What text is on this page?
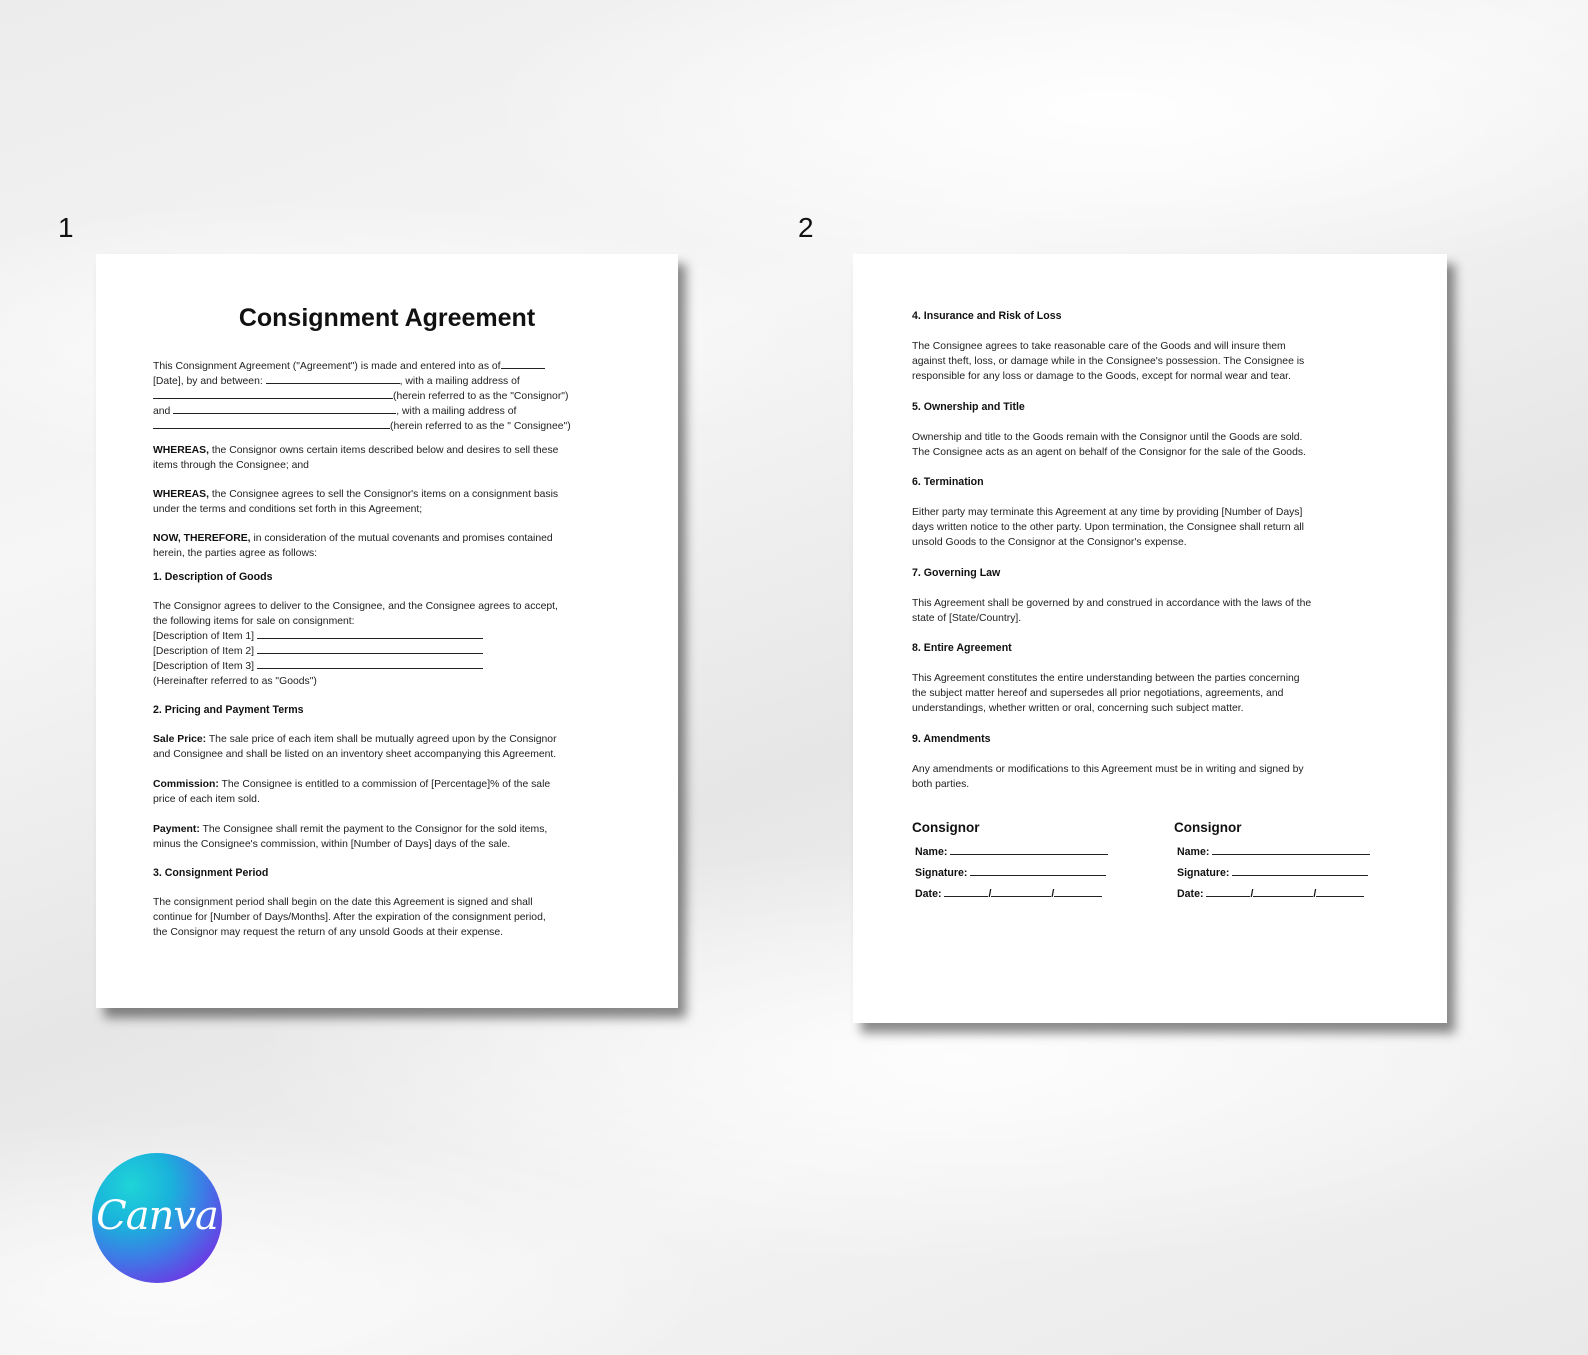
1	2
Consignment Agreement
This Consignment Agreement ("Agreement") is made and entered into as of
[Date], by and between:	, with a mailing address of
(herein referred to as the "Consignor")
and	, with a mailing address of
(herein referred to as the " Consignee")
WHEREAS, the Consignor owns certain items described below and desires to sell these
items through the Consignee; and
WHEREAS, the Consignee agrees to sell the Consignor's items on a consignment basis
under the terms and conditions set forth in this Agreement;
NOW, THEREFORE, in consideration of the mutual covenants and promises contained
herein, the parties agree as follows:
1. Description of Goods
The Consignor agrees to deliver to the Consignee, and the Consignee agrees to accept,
the following items for sale on consignment:
[Description of Item 1]
[Description of Item 2]
[Description of Item 3]
(Hereinafter referred to as "Goods")
2. Pricing and Payment Terms
Sale Price: The sale price of each item shall be mutually agreed upon by the Consignor
and Consignee and shall be listed on an inventory sheet accompanying this Agreement.
Commission: The Consignee is entitled to a commission of [Percentage]% of the sale
price of each item sold.
Payment: The Consignee shall remit the payment to the Consignor for the sold items,
minus the Consignee's commission, within [Number of Days] days of the sale.
3. Consignment Period
The consignment period shall begin on the date this Agreement is signed and shall
continue for [Number of Days/Months]. After the expiration of the consignment period,
the Consignor may request the return of any unsold Goods at their expense.
4. Insurance and Risk of Loss
The Consignee agrees to take reasonable care of the Goods and will insure them
against theft, loss, or damage while in the Consignee's possession. The Consignee is
responsible for any loss or damage to the Goods, except for normal wear and tear.
5. Ownership and Title
Ownership and title to the Goods remain with the Consignor until the Goods are sold.
The Consignee acts as an agent on behalf of the Consignor for the sale of the Goods.
6. Termination
Either party may terminate this Agreement at any time by providing [Number of Days]
days written notice to the other party. Upon termination, the Consignee shall return all
unsold Goods to the Consignor at the Consignor's expense.
7. Governing Law
This Agreement shall be governed by and construed in accordance with the laws of the
state of [State/Country].
8. Entire Agreement
This Agreement constitutes the entire understanding between the parties concerning
the subject matter hereof and supersedes all prior negotiations, agreements, and
understandings, whether written or oral, concerning such subject matter.
9. Amendments
Any amendments or modifications to this Agreement must be in writing and signed by
both parties.
Consignor
Name:
Signature:
Date:	/	/
Consignor
Name:
Signature:
Date:	/	/
Canva
